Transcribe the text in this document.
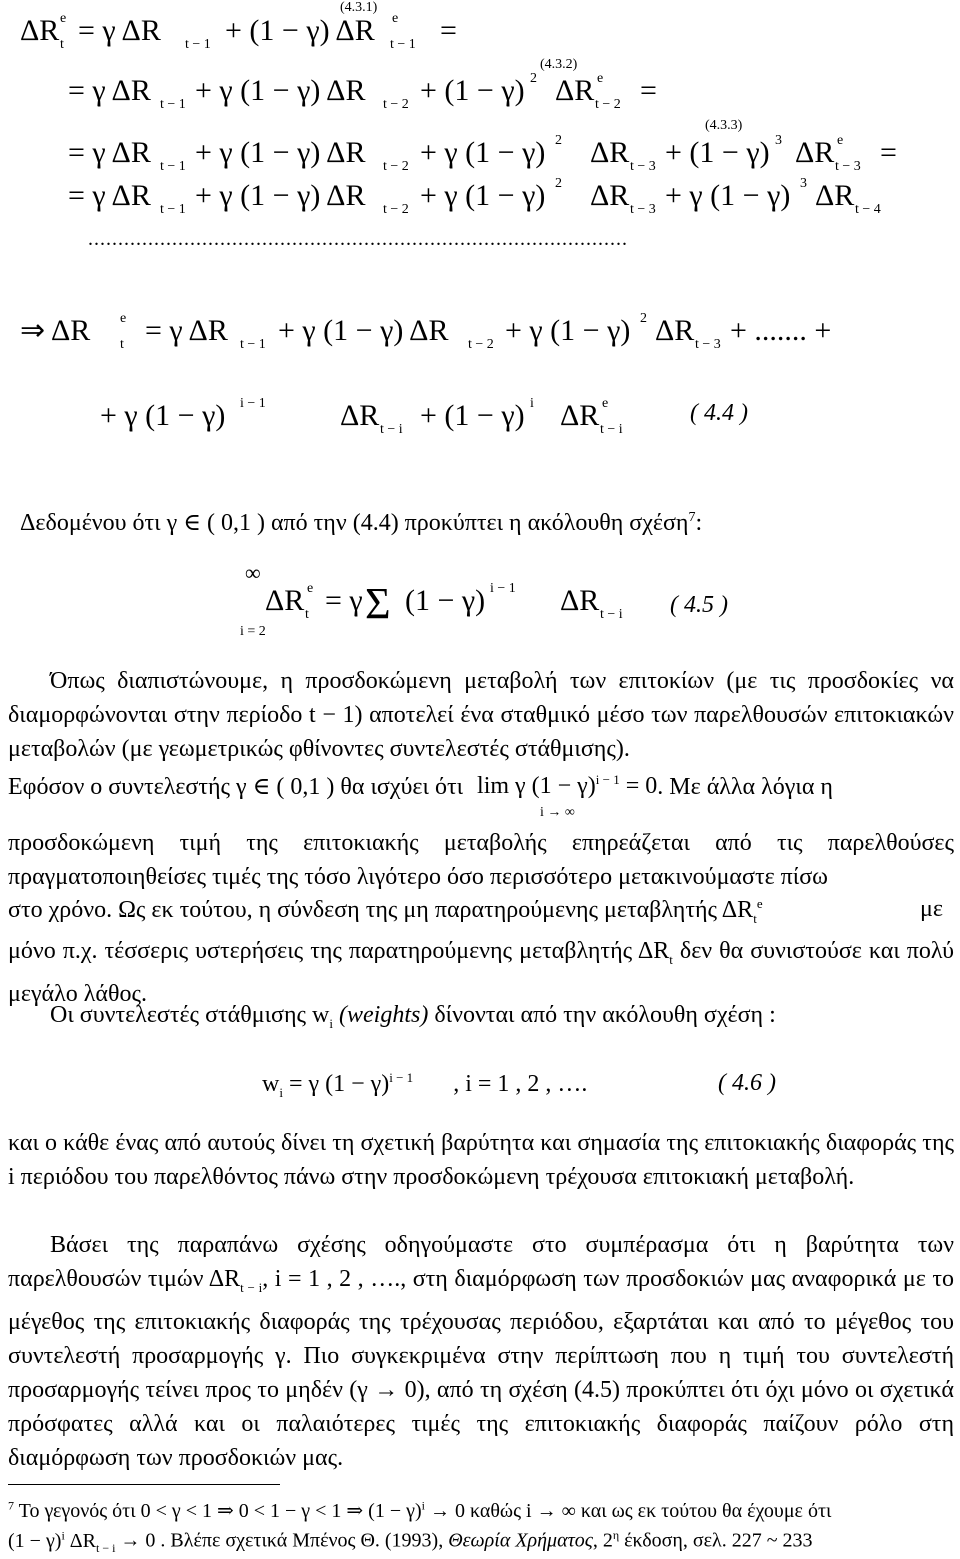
(4.3.1)
(4.3.2)
(4.3.3)
ΔR t
e = γ ΔR t − 1 + (1 − γ) ΔR t − 1
e =
= γ ΔR t − 1 + γ (1 − γ) ΔR t − 2 + (1 − γ) 2 ΔR t − 2
e =
= γ ΔR t − 1 + γ (1 − γ) ΔR t − 2 + γ (1 − γ) 2 ΔR t − 3 + (1 − γ) 3 ΔR t − 3
e =
= γ ΔR t − 1 + γ (1 − γ) ΔR t − 2 + γ (1 − γ) 2 ΔR t − 3 + γ (1 − γ) 3 ΔR t − 4
..........................................................................................
⇒ ΔR t
e = γ ΔR t − 1 + γ (1 − γ) ΔR t − 2 + γ (1 − γ) 2 ΔR t − 3 + ....... +
+ γ (1 − γ) i − 1 ΔR t − i + (1 − γ) i ΔR t − i
e	( 4.4 )
Δεδομένου ότι γ ∈ ( 0,1 ) από την (4.4) προκύπτει η ακόλουθη σχέση$^7$:
∞
i = 2
ΔR t
e = γ Σ (1 − γ) i − 1 ΔR t − i ( 4.5 )
Όπως διαπιστώνουμε, η προσδοκώμενη μεταβολή των επιτοκίων (με τις προσδοκίες να διαμορφώνονται στην περίοδο t − 1) αποτελεί ένα σταθμικό μέσο των παρελθουσών επιτοκιακών μεταβολών (με γεωμετρικώς φθίνοντες συντελεστές στάθμισης).
Εφόσον ο συντελεστής γ ∈ ( 0,1 ) θα ισχύει ότι lim γ $(1 - \gamma)^{i - 1} = 0$. Με άλλα λόγια η
i → ∞
προσδοκώμενη τιμή της επιτοκιακής μεταβολής επηρεάζεται από τις παρελθούσες πραγματοποιηθείσες τιμές της τόσο λιγότερο όσο περισσότερο μετακινούμαστε πίσω
στο χρόνο. Ως εκ τούτου, η σύνδεση της μη παρατηρούμενης μεταβλητής $\Delta R_t^e$	με
μόνο π.χ. τέσσερις υστερήσεις της παρατηρούμενης μεταβλητής $\Delta R_t$ δεν θα συνιστούσε και πολύ μεγάλο λάθος.
Οι συντελεστές στάθμισης $w_i$ (weights) δίνονται από την ακόλουθη σχέση :
$w_i = \gamma$ $(1 - \gamma)^{i - 1}$ , i = 1 , 2 , ….	( 4.6 )
και ο κάθε ένας από αυτούς δίνει τη σχετική βαρύτητα και σημασία της επιτοκιακής διαφοράς της i περιόδου του παρελθόντος πάνω στην προσδοκώμενη τρέχουσα επιτοκιακή μεταβολή.
Βάσει της παραπάνω σχέσης οδηγούμαστε στο συμπέρασμα ότι η βαρύτητα των παρελθουσών τιμών $\Delta R_{t - i}$, i = 1 , 2 , …., στη διαμόρφωση των προσδοκιών μας αναφορικά με το μέγεθος της επιτοκιακής διαφοράς της τρέχουσας περιόδου, εξαρτάται και από το μέγεθος του συντελεστή προσαρμογής γ. Πιο συγκεκριμένα στην περίπτωση που η τιμή του συντελεστή προσαρμογής τείνει προς το μηδέν (γ → 0), από τη σχέση (4.5) προκύπτει ότι όχι μόνο οι σχετικά πρόσφατες αλλά και οι παλαιότερες τιμές της επιτοκιακής διαφοράς παίζουν ρόλο στη διαμόρφωση των προσδοκιών μας.
$^7$ Το γεγονός ότι 0 < γ < 1 ⇒ 0 < 1 − γ < 1 ⇒ $(1 - \gamma)^i \to 0$ καθώς i → ∞ και ως εκ τούτου θα έχουμε ότι
$(1 - \gamma)^i$ $\Delta R_{t - i} \to 0$ . Βλέπε σχετικά Μπένος Θ. (1993), Θεωρία Χρήματος, $2^\eta$ έκδοση, σελ. 227 ~ 233
